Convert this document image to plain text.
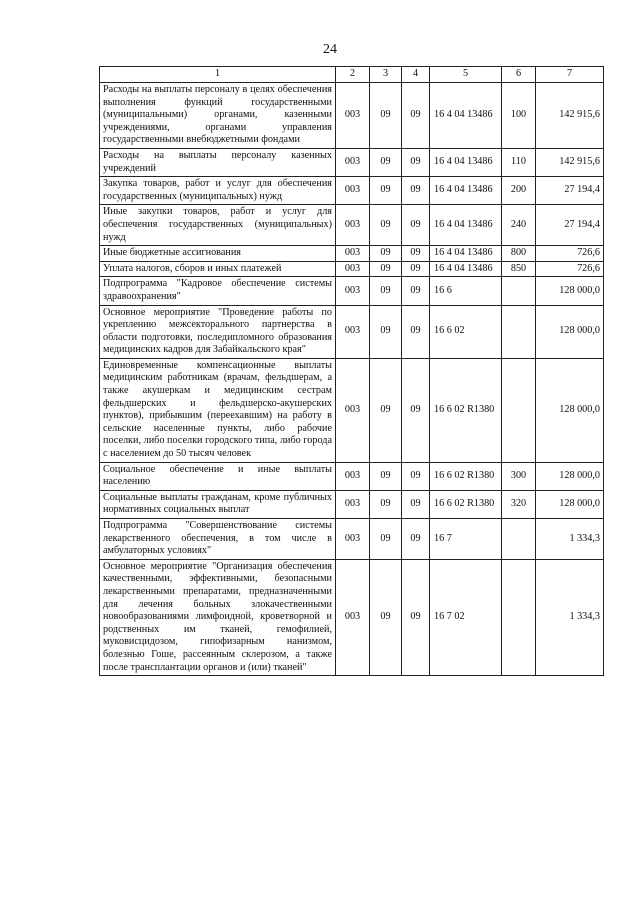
24
1	2	3	4	5	6	7
Расходы на выплаты персоналу в целях обеспечения выполнения функций государственными (муниципальными) органами, казенными учреждениями, органами управления государственными внебюджетными фондами	003	09	09	16 4 04 13486	100	142 915,6
Расходы на выплаты персоналу казенных учреждений	003	09	09	16 4 04 13486	110	142 915,6
Закупка товаров, работ и услуг для обеспечения государственных (муниципальных) нужд	003	09	09	16 4 04 13486	200	27 194,4
Иные закупки товаров, работ и услуг для обеспечения государственных (муниципальных) нужд	003	09	09	16 4 04 13486	240	27 194,4
Иные бюджетные ассигнования	003	09	09	16 4 04 13486	800	726,6
Уплата налогов, сборов и иных платежей	003	09	09	16 4 04 13486	850	726,6
Подпрограмма "Кадровое обеспечение системы здравоохранения"	003	09	09	16 6		128 000,0
Основное мероприятие "Проведение работы по укреплению межсекторального партнерства в области подготовки, последипломного образования медицинских кадров для Забайкальского края"	003	09	09	16 6 02		128 000,0
Единовременные компенсационные выплаты медицинским работникам (врачам, фельдшерам, а также акушеркам и медицинским сестрам фельдшерских и фельдшерско-акушерских пунктов), прибывшим (переехавшим) на работу в сельские населенные пункты, либо рабочие поселки, либо поселки городского типа, либо города с населением до 50 тысяч человек	003	09	09	16 6 02 R1380		128 000,0
Социальное обеспечение и иные выплаты населению	003	09	09	16 6 02 R1380	300	128 000,0
Социальные выплаты гражданам, кроме публичных нормативных социальных выплат	003	09	09	16 6 02 R1380	320	128 000,0
Подпрограмма "Совершенствование системы лекарственного обеспечения, в том числе в амбулаторных условиях"	003	09	09	16 7		1 334,3
Основное мероприятие "Организация обеспечения качественными, эффективными, безопасными лекарственными препаратами, предназначенными для лечения больных злокачественными новообразованиями лимфоидной, кроветворной и родственных им тканей, гемофилией, муковисцидозом, гипофизарным нанизмом, болезнью Гоше, рассеянным склерозом, а также после трансплантации органов и (или) тканей"	003	09	09	16 7 02		1 334,3
